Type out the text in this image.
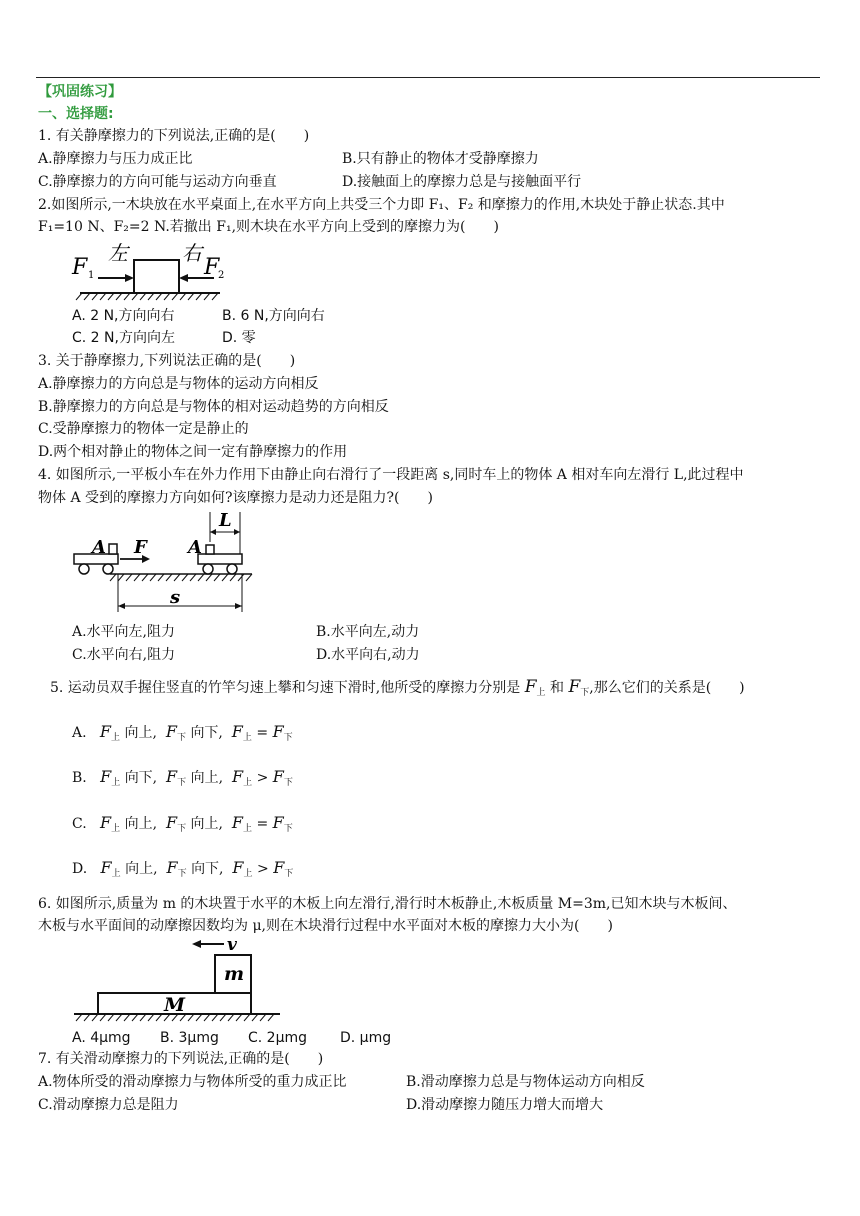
【巩固练习】
一、选择题:
1. 有关静摩擦力的下列说法,正确的是(　　)
A.静摩擦力与压力成正比	B.只有静止的物体才受静摩擦力
C.静摩擦力的方向可能与运动方向垂直	D.接触面上的摩擦力总是与接触面平行
2.如图所示,一木块放在水平桌面上,在水平方向上共受三个力即 F₁、F₂ 和摩擦力的作用,木块处于静止状态.其中
F₁=10 N、F₂=2 N.若撤出 F₁,则木块在水平方向上受到的摩擦力为(　　)
F 1
左	右
F
2
A. 2 N,方向向右	B. 6 N,方向向右
C. 2 N,方向向左	D. 零
3. 关于静摩擦力,下列说法正确的是(　　)
A.静摩擦力的方向总是与物体的运动方向相反
B.静摩擦力的方向总是与物体的相对运动趋势的方向相反
C.受静摩擦力的物体一定是静止的
D.两个相对静止的物体之间一定有静摩擦力的作用
4. 如图所示,一平板小车在外力作用下由静止向右滑行了一段距离 s,同时车上的物体 A 相对车向左滑行 L,此过程中
物体 A 受到的摩擦力方向如何?该摩擦力是动力还是阻力?(　　)
A F A
L
s
A.水平向左,阻力	B.水平向左,动力
C.水平向右,阻力	D.水平向右,动力
5. 运动员双手握住竖直的竹竿匀速上攀和匀速下滑时,他所受的摩擦力分别是 $F_上$ 和 $F_下$,那么它们的关系是(　　)
A. $F_上$ 向上, $F_下$ 向下, $F_上 = F_下$
B. $F_上$ 向下, $F_下$ 向上, $F_上 > F_下$
C. $F_上$ 向上, $F_下$ 向上, $F_上 = F_下$
D. $F_上$ 向上, $F_下$ 向下, $F_上 > F_下$
6. 如图所示,质量为 m 的木块置于水平的木板上向左滑行,滑行时木板静止,木板质量 M=3m,已知木块与木板间、
木板与水平面间的动摩擦因数均为 μ,则在木块滑行过程中水平面对木板的摩擦力大小为(　　)
v
m
M
A. 4μmg B. 3μmg C. 2μmg D. μmg
7. 有关滑动摩擦力的下列说法,正确的是(　　)
A.物体所受的滑动摩擦力与物体所受的重力成正比	B.滑动摩擦力总是与物体运动方向相反
C.滑动摩擦力总是阻力	D.滑动摩擦力随压力增大而增大
